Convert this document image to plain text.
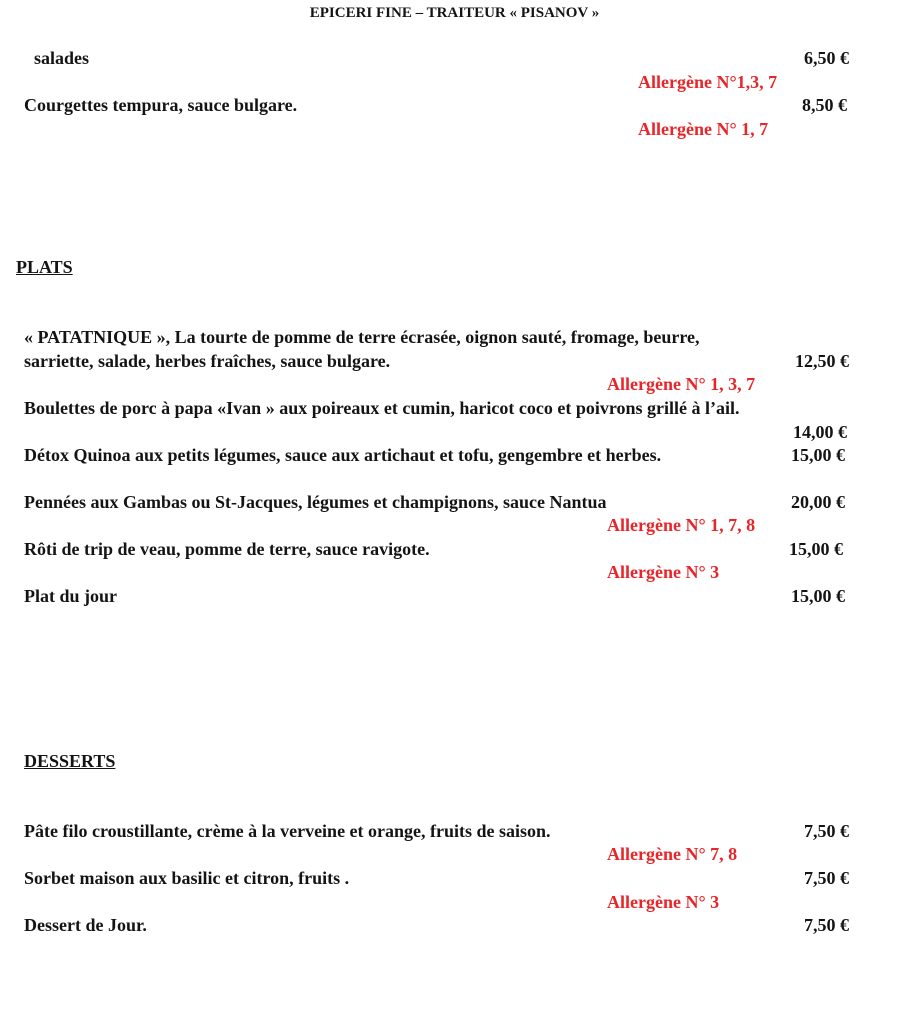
EPICERI FINE – TRAITEUR « PISANOV »
salades	6,50 €
Allergène N°1,3, 7
Courgettes tempura, sauce bulgare.	8,50 €
Allergène N° 1, 7
PLATS
« PATATNIQUE », La tourte de pomme de terre écrasée, oignon sauté, fromage, beurre,
sarriette, salade, herbes fraîches, sauce bulgare.	12,50 €
Allergène N° 1, 3, 7
Boulettes de porc à papa «Ivan » aux poireaux et cumin, haricot coco et poivrons grillé à l’ail.
14,00 €
Détox Quinoa aux petits légumes, sauce aux artichaut et tofu, gengembre et herbes.	15,00 €
Pennées aux Gambas ou St-Jacques, légumes et champignons, sauce Nantua	20,00 €
Allergène N° 1, 7, 8
Rôti de trip de veau, pomme de terre, sauce ravigote.	15,00 €
Allergène N° 3
Plat du jour	15,00 €
DESSERTS
Pâte filo croustillante, crème à la verveine et orange, fruits de saison.	7,50 €
Allergène N° 7, 8
Sorbet maison aux basilic et citron, fruits .	7,50 €
Allergène N° 3
Dessert de Jour.	7,50 €
